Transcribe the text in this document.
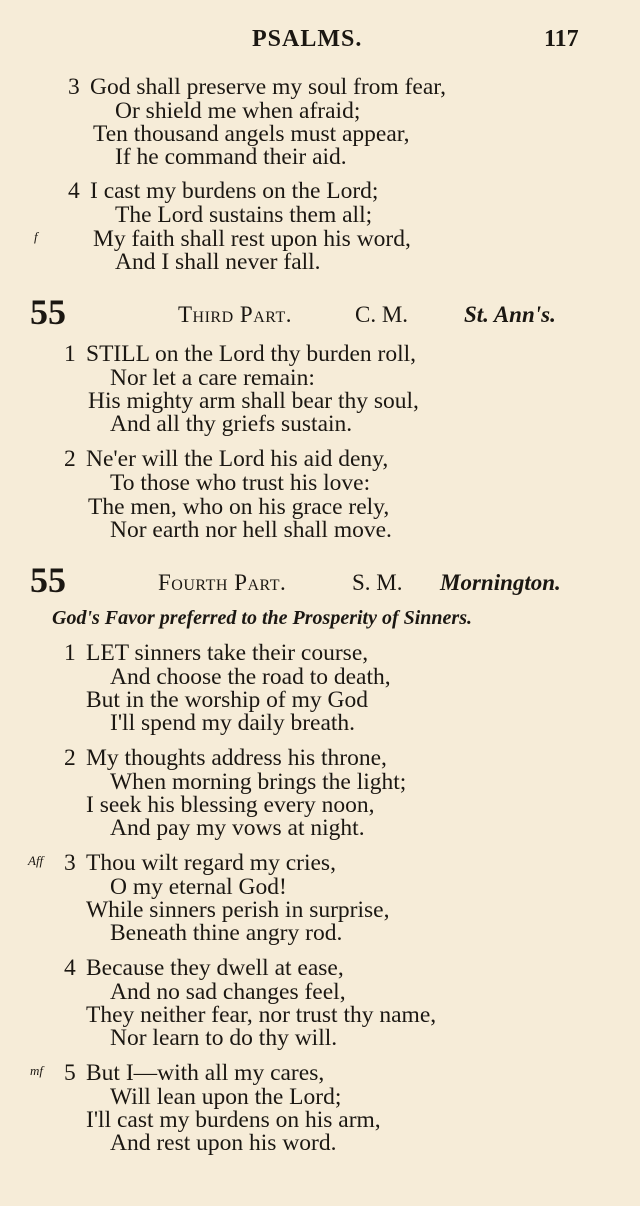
PSALMS.	117
3 God shall preserve my soul from fear,
Or shield me when afraid;
Ten thousand angels must appear,
If he command their aid.
4 I cast my burdens on the Lord;
The Lord sustains them all;
f My faith shall rest upon his word,
And I shall never fall.
55	Third Part.	C. M. St. Ann's.
1 STILL on the Lord thy burden roll,
Nor let a care remain:
His mighty arm shall bear thy soul,
And all thy griefs sustain.
2 Ne'er will the Lord his aid deny,
To those who trust his love:
The men, who on his grace rely,
Nor earth nor hell shall move.
55	Fourth Part.	S. M. Mornington.
God's Favor preferred to the Prosperity of Sinners.
1 LET sinners take their course,
And choose the road to death,
But in the worship of my God
I'll spend my daily breath.
2 My thoughts address his throne,
When morning brings the light;
I seek his blessing every noon,
And pay my vows at night.
Aff 3 Thou wilt regard my cries,
O my eternal God!
While sinners perish in surprise,
Beneath thine angry rod.
4 Because they dwell at ease,
And no sad changes feel,
They neither fear, nor trust thy name,
Nor learn to do thy will.
mf 5 But I—with all my cares,
Will lean upon the Lord;
I'll cast my burdens on his arm,
And rest upon his word.
